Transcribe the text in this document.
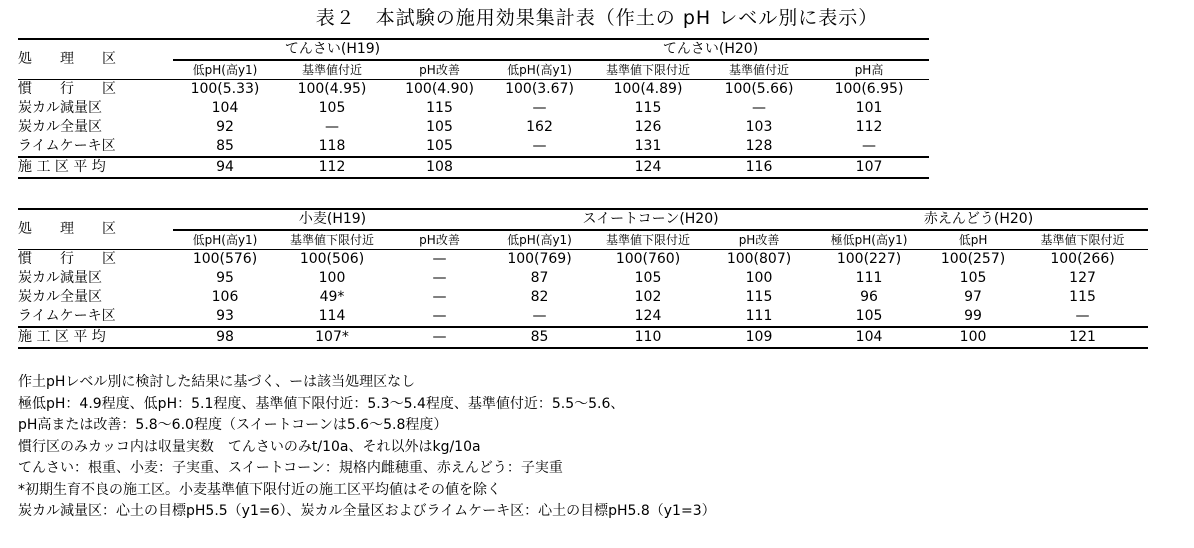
表２　本試験の施用効果集計表（作土の pH レベル別に表示）
処　　理　　区	てんさい(H19)			てんさい(H20)				
	低pH(高y1)	基準値付近	pH改善	低pH(高y1)	基準値下限付近	基準値付近	pH高	
慣　　行　　区	100(5.33)	100(4.95)	100(4.90)	100(3.67)	100(4.89)	100(5.66)	100(6.95)	
炭カル減量区	104	105	115	—	115	—	101	
炭カル全量区	92	—	105	162	126	103	112	
ライムケーキ区	85	118	105	—	131	128	—	
施 工 区 平 均	94	112	108		124	116	107	
処　　理　　区	小麦(H19)			スイートコーン(H20)			赤えんどう(H20)		
	低pH(高y1)	基準値下限付近	pH改善	低pH(高y1)	基準値下限付近	pH改善	極低pH(高y1)	低pH	基準値下限付近
慣　　行　　区	100(576)	100(506)	—	100(769)	100(760)	100(807)	100(227)	100(257)	100(266)
炭カル減量区	95	100	—	87	105	100	111	105	127
炭カル全量区	106	49*	—	82	102	115	96	97	115
ライムケーキ区	93	114	—	—	124	111	105	99	—
施 工 区 平 均	98	107*	—	85	110	109	104	100	121
作土pHレベル別に検討した結果に基づく、ーは該当処理区なし
極低pH：4.9程度、低pH：5.1程度、基準値下限付近：5.3〜5.4程度、基準値付近：5.5〜5.6、
pH高または改善：5.8〜6.0程度（スイートコーンは5.6〜5.8程度）
慣行区のみカッコ内は収量実数　てんさいのみt/10a、それ以外はkg/10a
てんさい：根重、小麦：子実重、スイートコーン：規格内雌穂重、赤えんどう：子実重
*初期生育不良の施工区。小麦基準値下限付近の施工区平均値はその値を除く
炭カル減量区：心土の目標pH5.5（y1=6）、炭カル全量区およびライムケーキ区：心土の目標pH5.8（y1=3）
